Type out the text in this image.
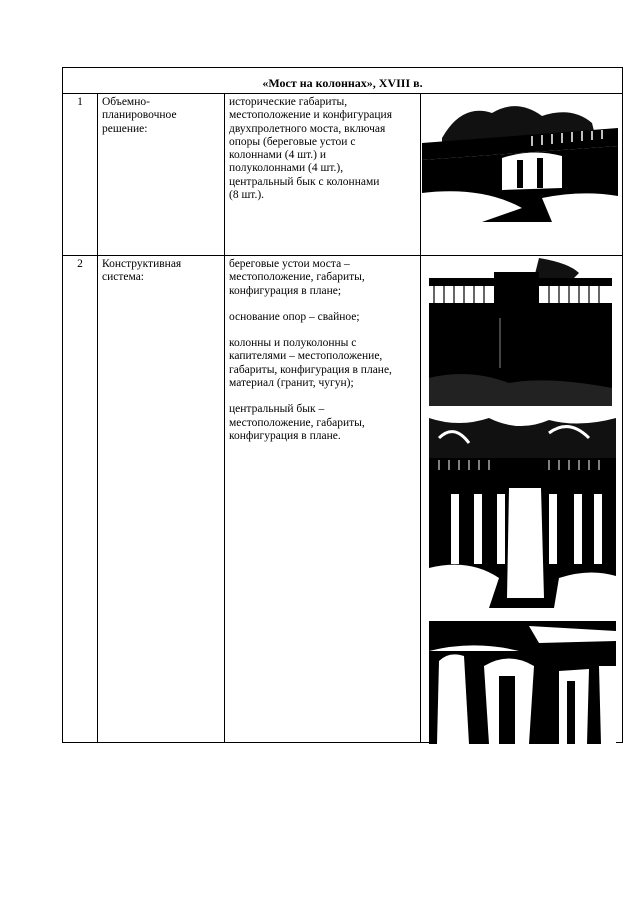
«Мост на колоннах», XVIII в.
1	Объемно-
планировочное
решение:
исторические габариты,
местоположение и конфигурация
двухпролетного моста, включая
опоры (береговые устои с
колоннами (4 шт.) и
полуколоннами (4 шт.),
центральный бык с колоннами
(8 шт.).
2	Конструктивная
система:
береговые устои моста –
местоположение, габариты,
конфигурация в плане;
основание опор – свайное;
колонны и полуколонны с
капителями – местоположение,
габариты, конфигурация в плане,
материал (гранит, чугун);
центральный бык –
местоположение, габариты,
конфигурация в плане.
